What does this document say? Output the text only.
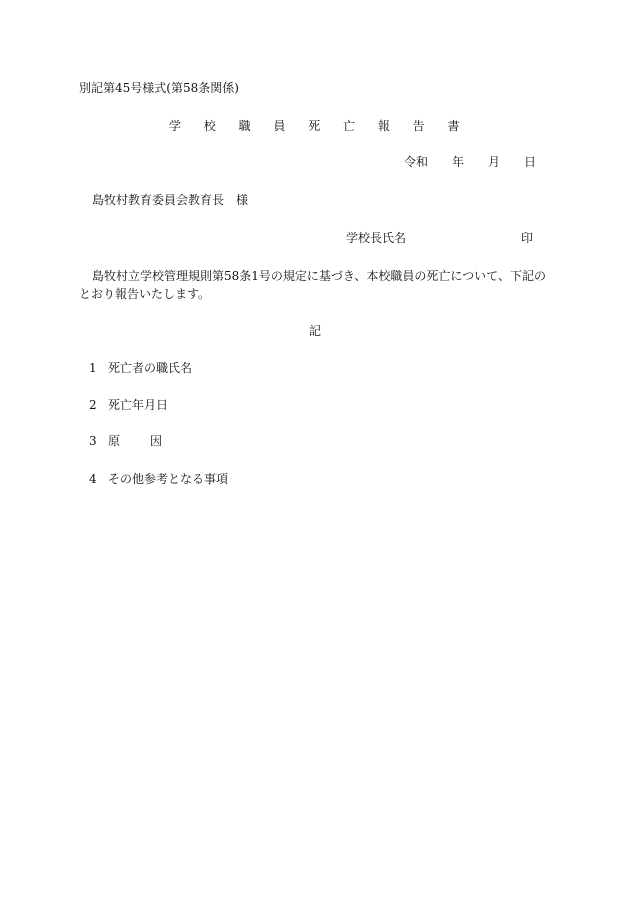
別記第45号様式(第58条関係)
学 校 職 員 死 亡 報 告 書
令和 年 月 日
島牧村教育委員会教育長　様
学校長氏名	印
島牧村立学校管理規則第58条1号の規定に基づき、本校職員の死亡について、下記のとおり報告いたします。
記
1 死亡者の職氏名
2 死亡年月日
3 原因
4 その他参考となる事項
